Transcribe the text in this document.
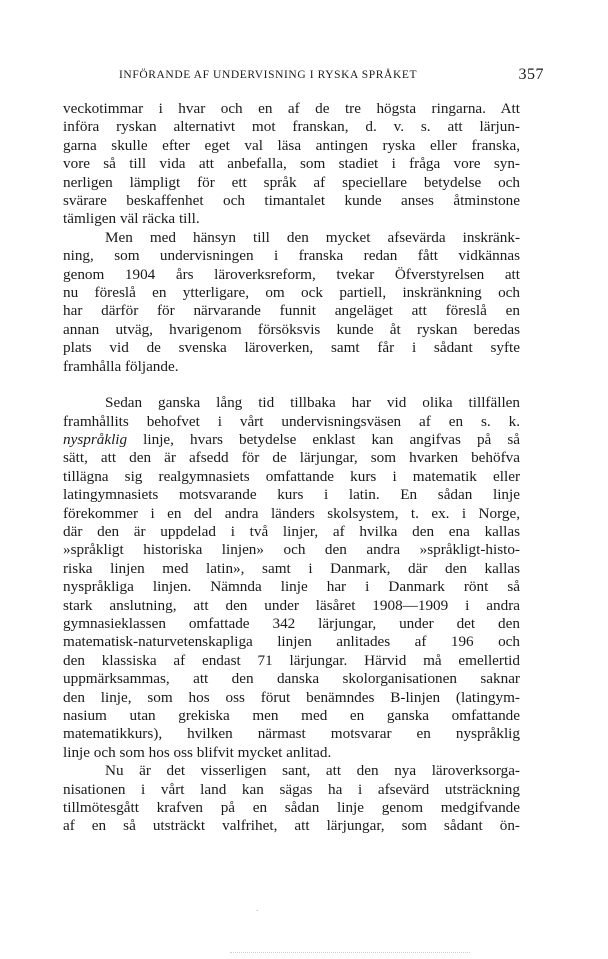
INFÖRANDE AF UNDERVISNING I RYSKA SPRÅKET	357

veckotimmar i hvar och en af de tre högsta ringarna. Att
införa ryskan alternativt mot franskan, d. v. s. att lärjun-
garna skulle efter eget val läsa antingen ryska eller franska,
vore så till vida att anbefalla, som stadiet i fråga vore syn-
nerligen lämpligt för ett språk af speciellare betydelse och
svärare beskaffenhet och timantalet kunde anses åtminstone
tämligen väl räcka till.

Men med hänsyn till den mycket afsevärda inskränk-
ning, som undervisningen i franska redan fått vidkännas
genom 1904 års läroverksreform, tvekar Öfverstyrelsen att
nu föreslå en ytterligare, om ock partiell, inskränkning och
har därför för närvarande funnit angeläget att föreslå en
annan utväg, hvarigenom försöksvis kunde åt ryskan beredas
plats vid de svenska läroverken, samt får i sådant syfte
framhålla följande.

Sedan ganska lång tid tillbaka har vid olika tillfällen
framhållits behofvet i vårt undervisningsväsen af en s. k.
nyspråklig linje, hvars betydelse enklast kan angifvas på så
sätt, att den är afsedd för de lärjungar, som hvarken behöfva
tillägna sig realgymnasiets omfattande kurs i matematik eller
latingymnasiets motsvarande kurs i latin. En sådan linje
förekommer i en del andra länders skolsystem, t. ex. i Norge,
där den är uppdelad i två linjer, af hvilka den ena kallas
»språkligt historiska linjen» och den andra »språkligt-histo-
riska linjen med latin», samt i Danmark, där den kallas
nyspråkliga linjen. Nämnda linje har i Danmark rönt så
stark anslutning, att den under läsåret 1908—1909 i andra
gymnasieklassen omfattade 342 lärjungar, under det den
matematisk-naturvetenskapliga linjen anlitades af 196 och
den klassiska af endast 71 lärjungar. Härvid må emellertid
uppmärksammas, att den danska skolorganisationen saknar
den linje, som hos oss förut benämndes B-linjen (latingym-
nasium utan grekiska men med en ganska omfattande
matematikkurs), hvilken närmast motsvarar en nyspråklig
linje och som hos oss blifvit mycket anlitad.

Nu är det visserligen sant, att den nya läroverksorga-
nisationen i vårt land kan sägas ha i afsevärd utsträckning
tillmötesgått krafven på en sådan linje genom medgifvande
af en så utsträckt valfrihet, att lärjungar, som sådant ön-

·
